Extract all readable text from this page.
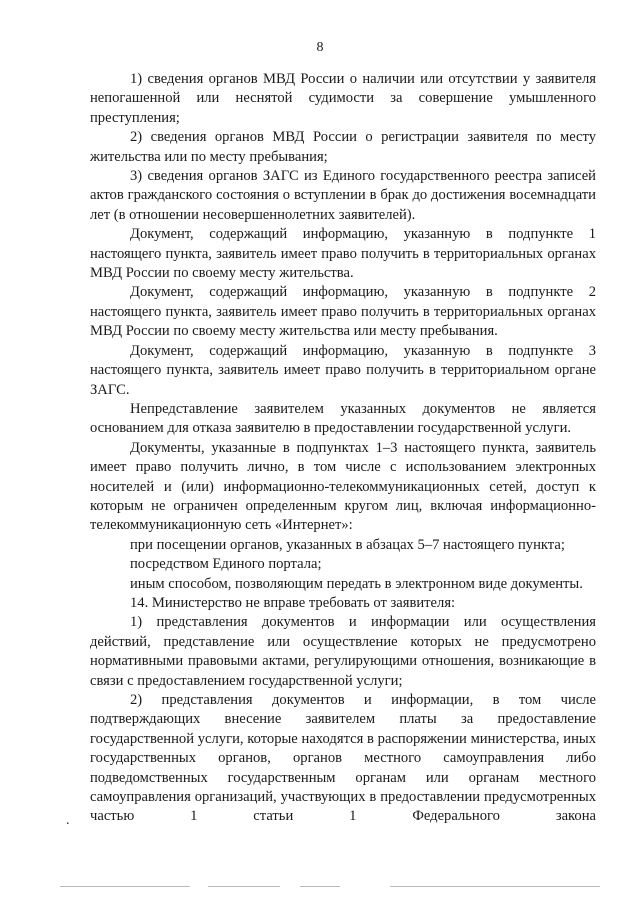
8

1) сведения органов МВД России о наличии или отсутствии у заявителя непогашенной или неснятой судимости за совершение умышленного преступления;

2) сведения органов МВД России о регистрации заявителя по месту жительства или по месту пребывания;

3) сведения органов ЗАГС из Единого государственного реестра записей актов гражданского состояния о вступлении в брак до достижения восемнадцати лет (в отношении несовершеннолетних заявителей).

Документ, содержащий информацию, указанную в подпункте 1 настоящего пункта, заявитель имеет право получить в территориальных органах МВД России по своему месту жительства.

Документ, содержащий информацию, указанную в подпункте 2 настоящего пункта, заявитель имеет право получить в территориальных органах МВД России по своему месту жительства или месту пребывания.

Документ, содержащий информацию, указанную в подпункте 3 настоящего пункта, заявитель имеет право получить в территориальном органе ЗАГС.

Непредставление заявителем указанных документов не является основанием для отказа заявителю в предоставлении государственной услуги.

Документы, указанные в подпунктах 1–3 настоящего пункта, заявитель имеет право получить лично, в том числе с использованием электронных носителей и (или) информационно-телекоммуникационных сетей, доступ к которым не ограничен определенным кругом лиц, включая информационно-телекоммуникационную сеть «Интернет»:

при посещении органов, указанных в абзацах 5–7 настоящего пункта;

посредством Единого портала;

иным способом, позволяющим передать в электронном виде документы.

14. Министерство не вправе требовать от заявителя:

1) представления документов и информации или осуществления действий, представление или осуществление которых не предусмотрено нормативными правовыми актами, регулирующими отношения, возникающие в связи с предоставлением государственной услуги;

2) представления документов и информации, в том числе подтверждающих внесение заявителем платы за предоставление государственной услуги, которые находятся в распоряжении министерства, иных государственных органов, органов местного самоуправления либо подведомственных государственным органам или органам местного самоуправления организаций, участвующих в предоставлении предусмотренных частью 1 статьи 1 Федерального закона

.
